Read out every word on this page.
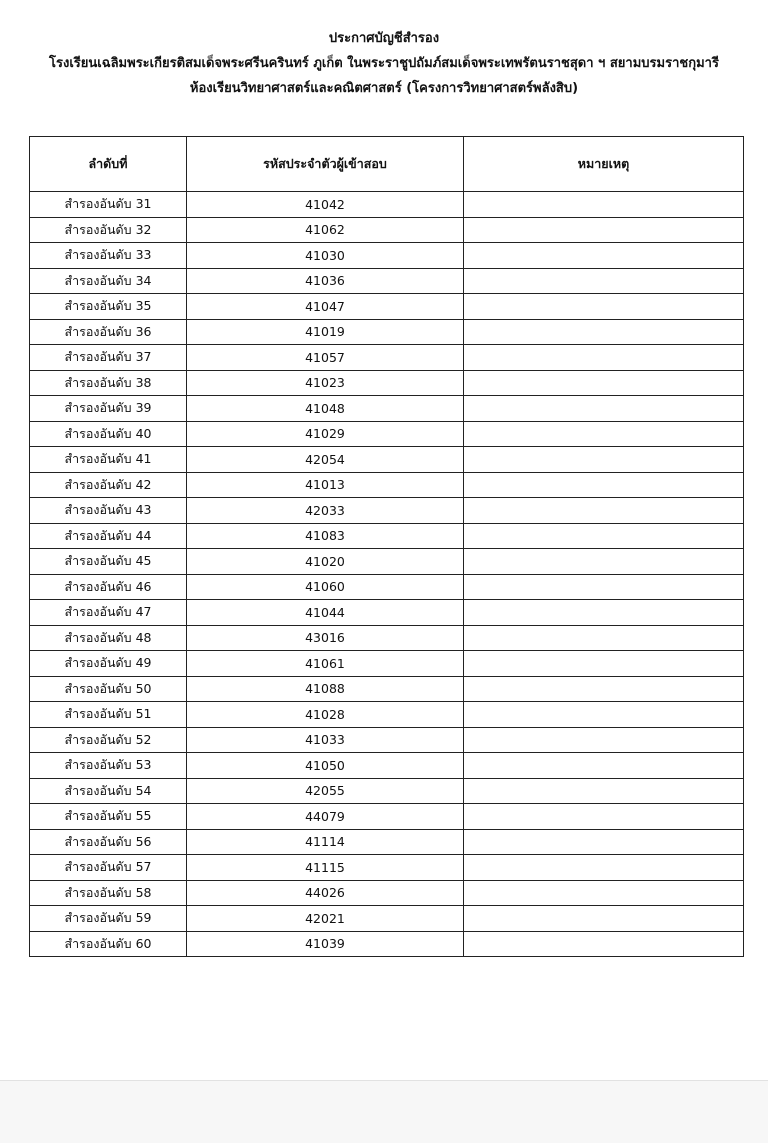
ประกาศบัญชีสำรอง
โรงเรียนเฉลิมพระเกียรติสมเด็จพระศรีนครินทร์ ภูเก็ต ในพระราชูปถัมภ์สมเด็จพระเทพรัตนราชสุดา ฯ สยามบรมราชกุมารี
ห้องเรียนวิทยาศาสตร์และคณิตศาสตร์ (โครงการวิทยาศาสตร์พลังสิบ)
ลำดับที่	รหัสประจำตัวผู้เข้าสอบ	หมายเหตุ
สำรองอันดับ 31	41042	
สำรองอันดับ 32	41062	
สำรองอันดับ 33	41030	
สำรองอันดับ 34	41036	
สำรองอันดับ 35	41047	
สำรองอันดับ 36	41019	
สำรองอันดับ 37	41057	
สำรองอันดับ 38	41023	
สำรองอันดับ 39	41048	
สำรองอันดับ 40	41029	
สำรองอันดับ 41	42054	
สำรองอันดับ 42	41013	
สำรองอันดับ 43	42033	
สำรองอันดับ 44	41083	
สำรองอันดับ 45	41020	
สำรองอันดับ 46	41060	
สำรองอันดับ 47	41044	
สำรองอันดับ 48	43016	
สำรองอันดับ 49	41061	
สำรองอันดับ 50	41088	
สำรองอันดับ 51	41028	
สำรองอันดับ 52	41033	
สำรองอันดับ 53	41050	
สำรองอันดับ 54	42055	
สำรองอันดับ 55	44079	
สำรองอันดับ 56	41114	
สำรองอันดับ 57	41115	
สำรองอันดับ 58	44026	
สำรองอันดับ 59	42021	
สำรองอันดับ 60	41039	
